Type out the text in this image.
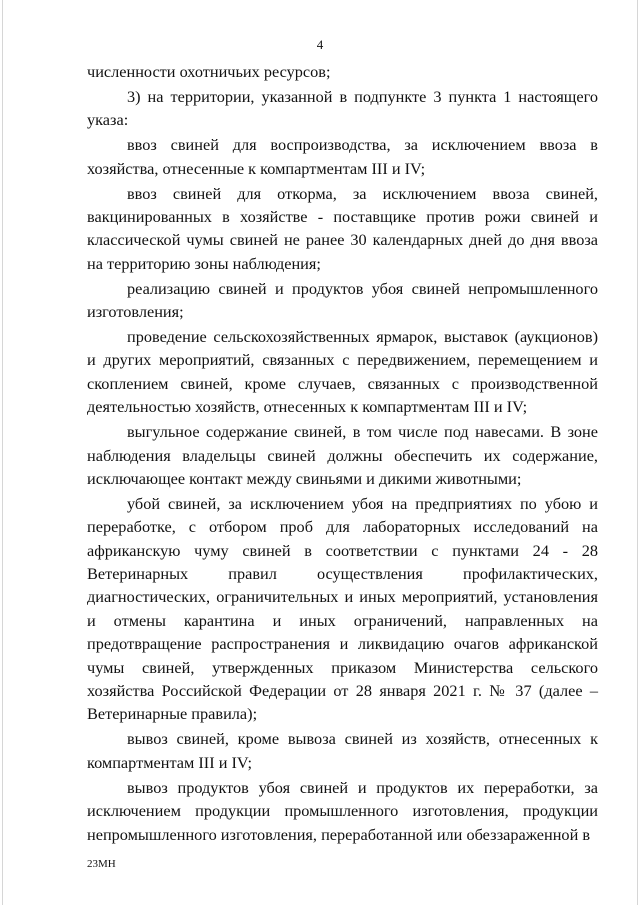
4

численности охотничьих ресурсов;

3) на территории, указанной в подпункте 3 пункта 1 настоящего указа:

ввоз свиней для воспроизводства, за исключением ввоза в хозяйства, отнесенные к компартментам III и IV;

ввоз свиней для откорма, за исключением ввоза свиней, вакцинированных в хозяйстве - поставщике против рожи свиней и классической чумы свиней не ранее 30 календарных дней до дня ввоза на территорию зоны наблюдения;

реализацию свиней и продуктов убоя свиней непромышленного изготовления;

проведение сельскохозяйственных ярмарок, выставок (аукционов) и других мероприятий, связанных с передвижением, перемещением и скоплением свиней, кроме случаев, связанных с производственной деятельностью хозяйств, отнесенных к компартментам III и IV;

выгульное содержание свиней, в том числе под навесами. В зоне наблюдения владельцы свиней должны обеспечить их содержание, исключающее контакт между свиньями и дикими животными;

убой свиней, за исключением убоя на предприятиях по убою и переработке, с отбором проб для лабораторных исследований на африканскую чуму свиней в соответствии с пунктами 24 - 28 Ветеринарных правил осуществления профилактических, диагностических, ограничительных и иных мероприятий, установления и отмены карантина и иных ограничений, направленных на предотвращение распространения и ликвидацию очагов африканской чумы свиней, утвержденных приказом Министерства сельского хозяйства Российской Федерации от 28 января 2021 г. № 37 (далее – Ветеринарные правила);

вывоз свиней, кроме вывоза свиней из хозяйств, отнесенных к компартментам III и IV;

вывоз продуктов убоя свиней и продуктов их переработки, за исключением продукции промышленного изготовления, продукции непромышленного изготовления, переработанной или обеззараженной в

23МН
